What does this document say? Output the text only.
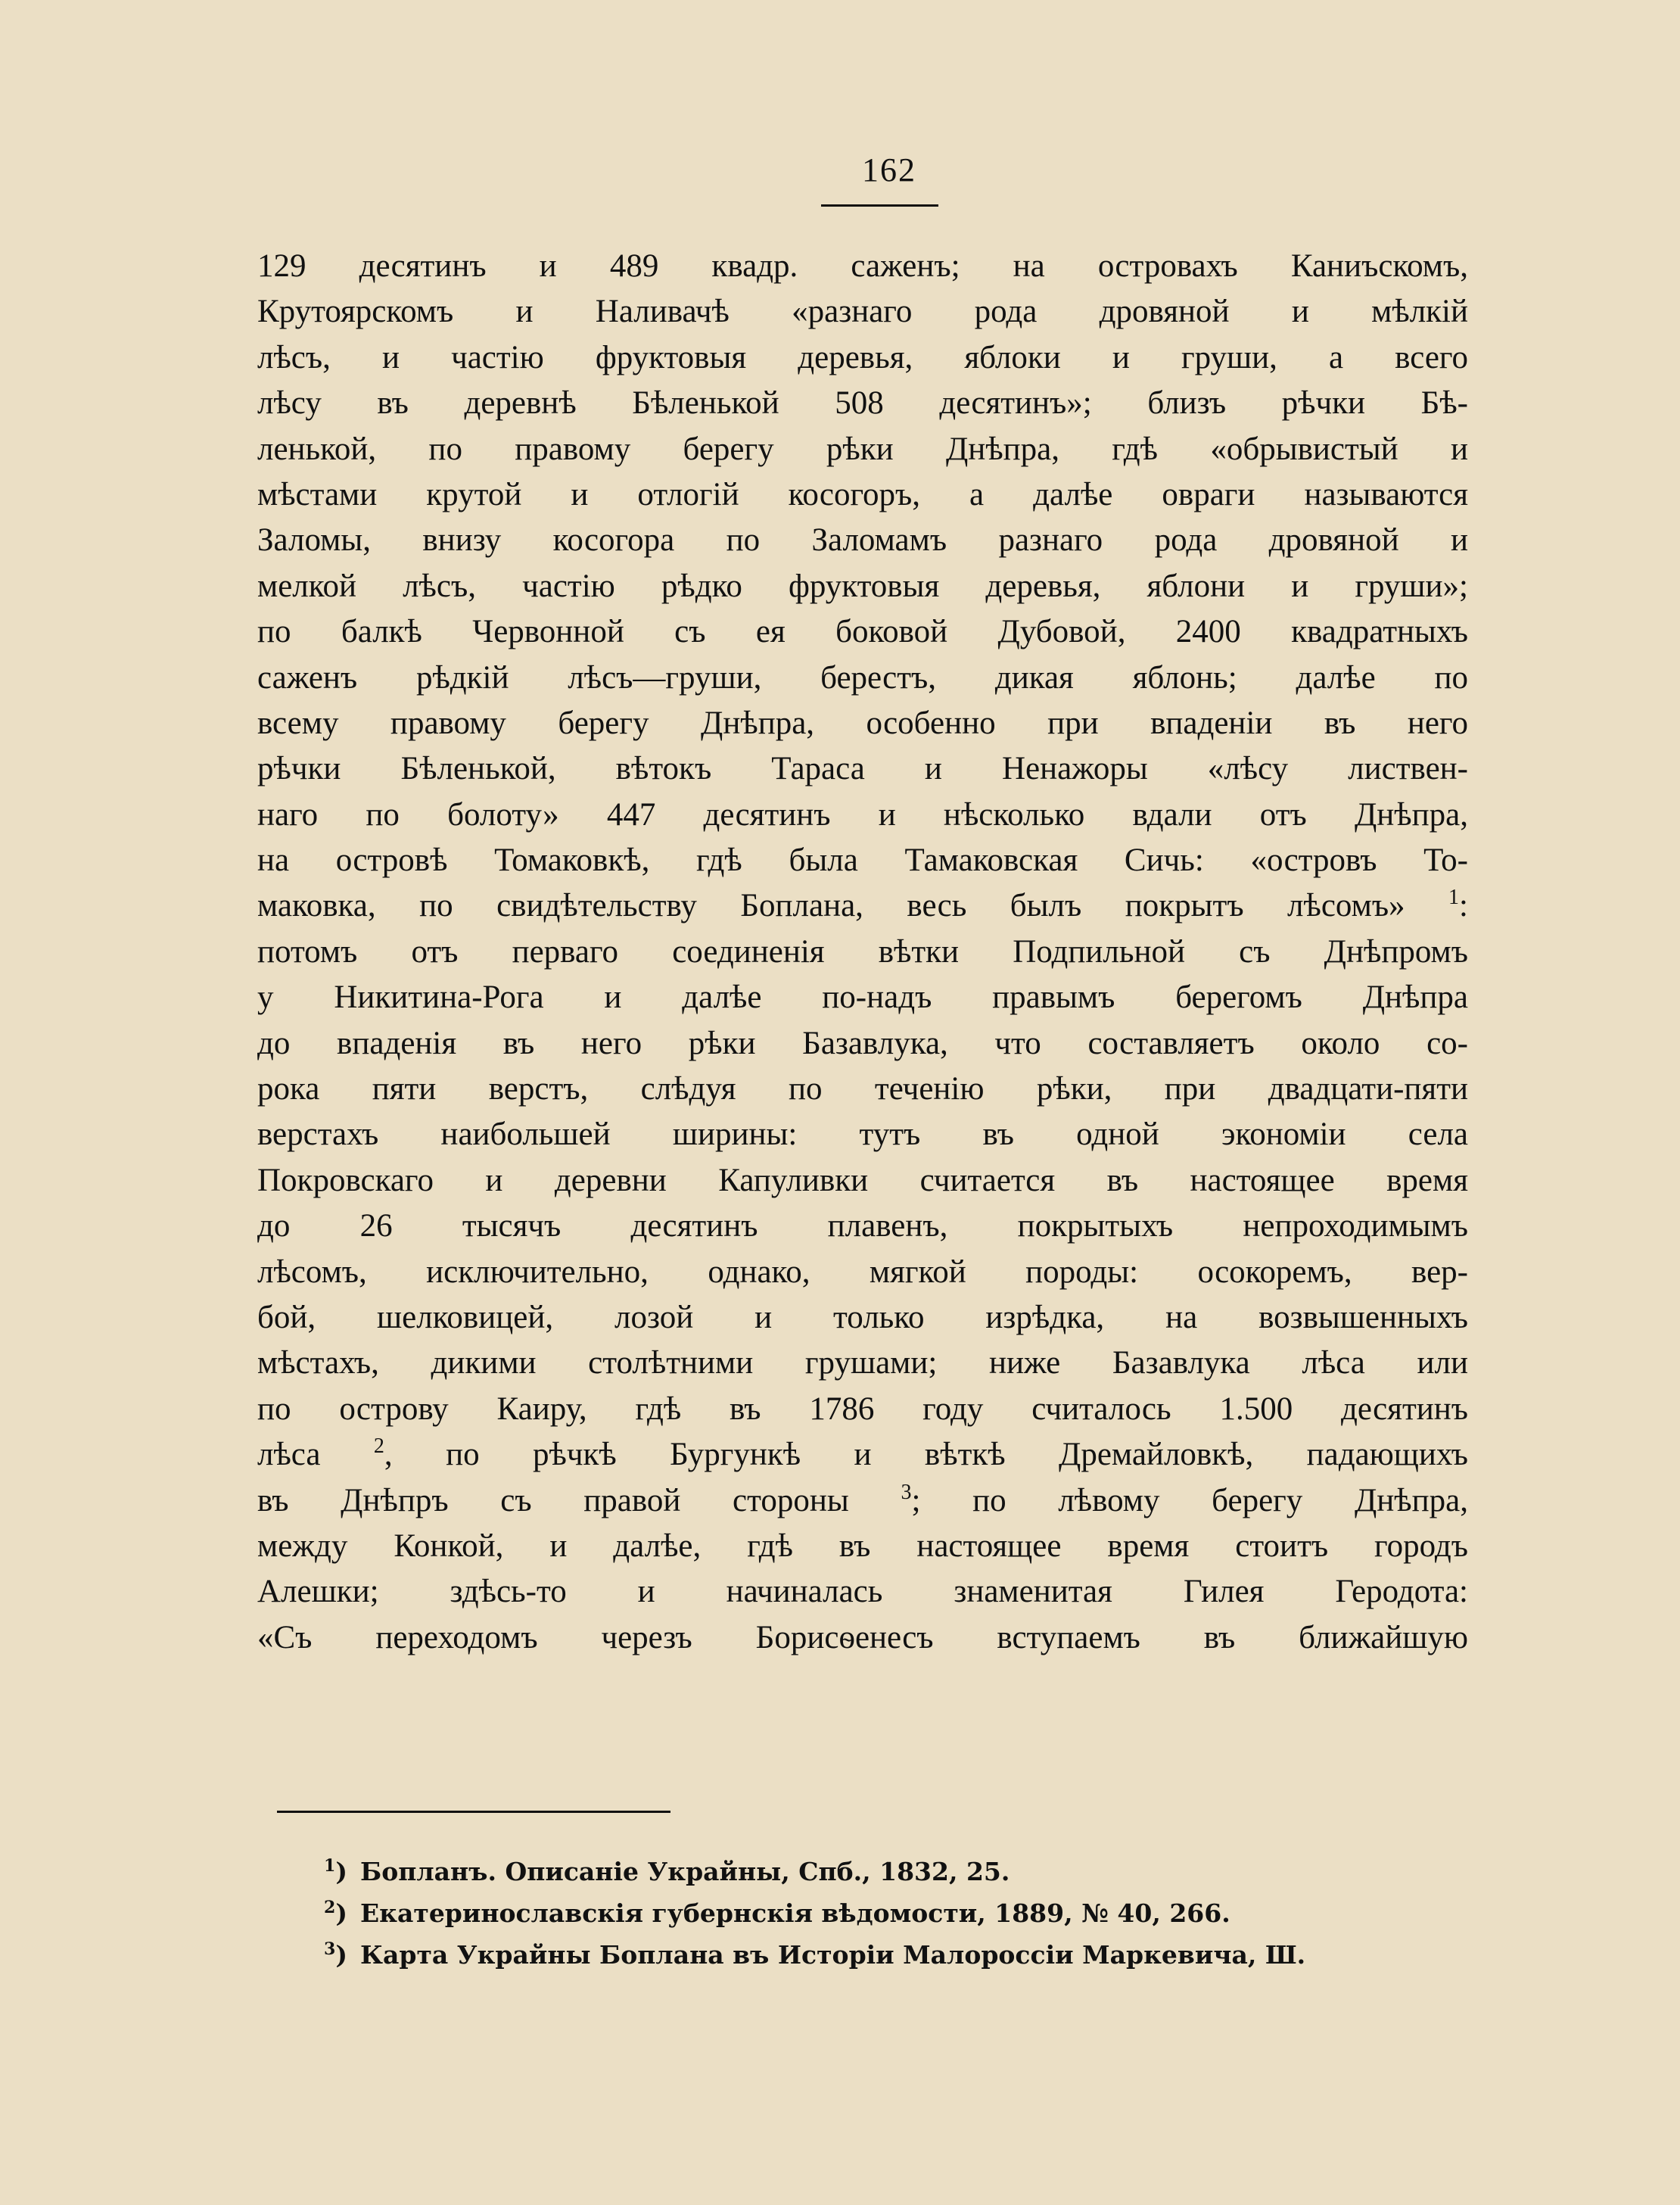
162
129 десятинъ и 489 квадр. саженъ; на островахъ Каниъскомъ,
Крутоярскомъ и Наливачѣ «разнаго рода дровяной и мѣлкій
лѣсъ, и частію фруктовыя деревья, яблоки и груши, а всего
лѣсу въ деревнѣ Бѣленькой 508 десятинъ»; близъ рѣчки Бѣ-
ленькой, по правому берегу рѣки Днѣпра, гдѣ «обрывистый и
мѣстами крутой и отлогій косогоръ, а далѣе овраги называются
Заломы, внизу косогора по Заломамъ разнаго рода дровяной и
мелкой лѣсъ, частію рѣдко фруктовыя деревья, яблони и груши»;
по балкѣ Червонной съ ея боковой Дубовой, 2400 квадратныхъ
саженъ рѣдкій лѣсъ—груши, берестъ, дикая яблонь; далѣе по
всему правому берегу Днѣпра, особенно при впаденіи въ него
рѣчки Бѣленькой, вѣтокъ Тараса и Ненажоры «лѣсу листвен-
наго по болоту» 447 десятинъ и нѣсколько вдали отъ Днѣпра,
на островѣ Томаковкѣ, гдѣ была Тамаковская Сичь: «островъ То-
маковка, по свидѣтельству Боплана, весь былъ покрытъ лѣсомъ» $^1$:
потомъ отъ перваго соединенія вѣтки Подпильной съ Днѣпромъ
у Никитина-Рога и далѣе по-надъ правымъ берегомъ Днѣпра
до впаденія въ него рѣки Базавлука, что составляетъ около со-
рока пяти верстъ, слѣдуя по теченію рѣки, при двадцати-пяти
верстахъ наибольшей ширины: тутъ въ одной экономіи села
Покровскаго и деревни Капуливки считается въ настоящее время
до 26 тысячъ десятинъ плавенъ, покрытыхъ непроходимымъ
лѣсомъ, исключительно, однако, мягкой породы: осокоремъ, вер-
бой, шелковицей, лозой и только изрѣдка, на возвышенныхъ
мѣстахъ, дикими столѣтними грушами; ниже Базавлука лѣса или
по острову Каиру, гдѣ въ 1786 году считалось 1.500 десятинъ
лѣса	$^2$, по рѣчкѣ Бургункѣ и вѣткѣ Дремайловкѣ, падающихъ
въ Днѣпръ съ правой стороны $^3$; по лѣвому берегу Днѣпра,
между Конкой, и далѣе, гдѣ въ настоящее время стоитъ городъ
Алешки; здѣсь-то и начиналась знаменитая Гилея Геродота:
«Съ переходомъ черезъ Борисѳенесъ вступаемъ въ ближайшую
$^1$) Бопланъ. Описаніе Украйны, Спб., 1832, 25.
$^2$) Екатеринославскія губернскія вѣдомости, 1889, № 40, 266.
$^3$) Карта Украйны Боплана въ Исторіи Малороссіи Маркевича, Ш.
